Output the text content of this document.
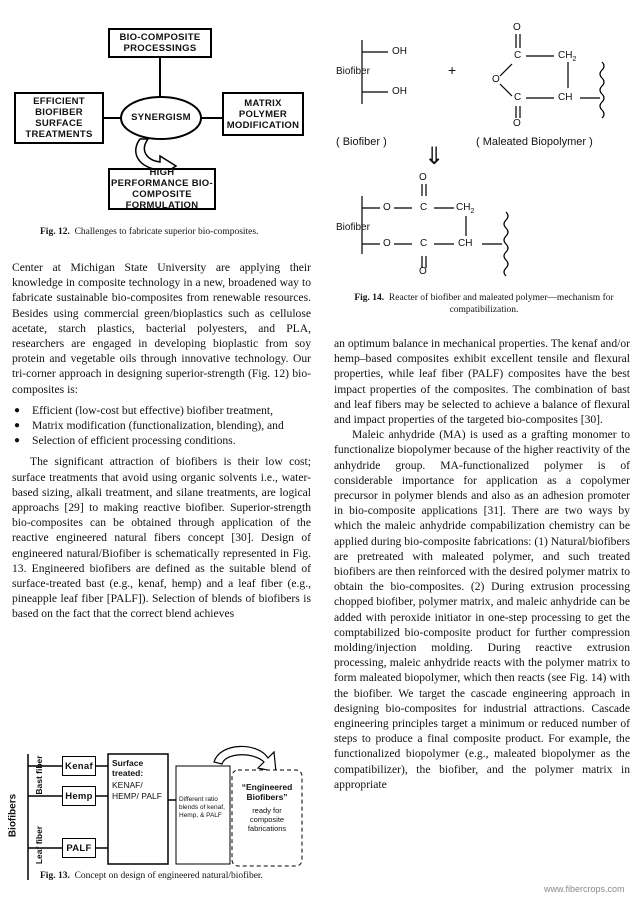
BIO-COMPOSITE PROCESSINGS
EFFICIENT BIOFIBER SURFACE TREATMENTS
MATRIX POLYMER MODIFICATION
SYNERGISM
HIGH PERFORMANCE BIO-COMPOSITE FORMULATION
Fig. 12. Challenges to fabricate superior bio-composites.
OH
Biofiber
OH
+
O
C	$CH_2$
O
C	CH
O
( Biofiber )	( Maleated Biopolymer )
⇓
O
O	C	$CH_2$
Biofiber
O	C	CH
O
Fig. 14. Reacter of biofiber and maleated polymer—mechanism for compatibilization.

Center at Michigan State University are applying their knowledge in composite technology in a new, broadened way to fabricate sustainable bio-composites from renewable resources. Besides using commercial green/bioplastics such as cellulose acetate, starch plastics, bacterial polyesters, and PLA, researchers are engaged in developing bioplastic from soy protein and vegetable oils through innovative technology. Our tri-corner approach in designing superior-strength (Fig. 12) bio-composites is:

● Efficient (low-cost but effective) biofiber treatment,
● Matrix modification (functionalization, blending), and
● Selection of efficient processing conditions.

The significant attraction of biofibers is their low cost; surface treatments that avoid using organic solvents i.e., water-based sizing, alkali treatment, and silane treatments, are logical approachs [29] to making reactive biofiber. Superior-strength bio-composites can be obtained through application of the reactive engineered natural fibers concept [30]. Design of engineered natural/Biofiber is schematically represented in Fig. 13. Engineered biofibers are defined as the suitable blend of surface-treated bast (e.g., kenaf, hemp) and a leaf fiber (e.g., pineapple leaf fiber [PALF]). Selection of blends of biofibers is based on the fact that the correct blend achieves

Biofibers
Bast fiber
Leaf fiber
Kenaf
Hemp
PALF
Surface treated:
KENAF/ HEMP/ PALF	Different ratio blends of kenaf, Hemp, & PALF
“Engineered Biofibers”
ready for composite fabrications
Fig. 13. Concept on design of engineered natural/biofiber.

an optimum balance in mechanical properties. The kenaf and/or hemp–based composites exhibit excellent tensile and flexural properties, while leaf fiber (PALF) composites have the best impact properties of the composites. The combination of bast and leaf fibers may be selected to achieve a balance of flexural and impact properties of the targeted bio-composites [30].

Maleic anhydride (MA) is used as a grafting monomer to functionalize biopolymer because of the higher reactivity of the anhydride group. MA-functionalized polymer is of considerable importance for application as a copolymer precursor in polymer blends and also as an adhesion promoter in bio-composite applications [31]. There are two ways by which the maleic anhydride compabilization chemistry can be applied during bio-composite fabrications: (1) Natural/biofibers are pretreated with maleated polymer, and such treated biofibers are then reinforced with the desired polymer matrix to obtain the bio-composites. (2) During extrusion processing chopped biofiber, polymer matrix, and maleic anhydride can be added with peroxide initiator in one-step processing to get the comptabilized bio-composite product for further compression molding/injection molding. During reactive extrusion processing, maleic anhydride reacts with the polymer matrix to form maleated biopolymer, which then reacts (see Fig. 14) with the biofiber. We target the cascade engineering approach in designing bio-composites for industrial attractions. Cascade engineering principles target a minimum or reduced number of steps to produce a final composite product. For example, the functionalized biopolymer (e.g., maleated biopolymer as the compatibilizer), the biofiber, and the polymer matrix in appropriate

www.fibercrops.com
